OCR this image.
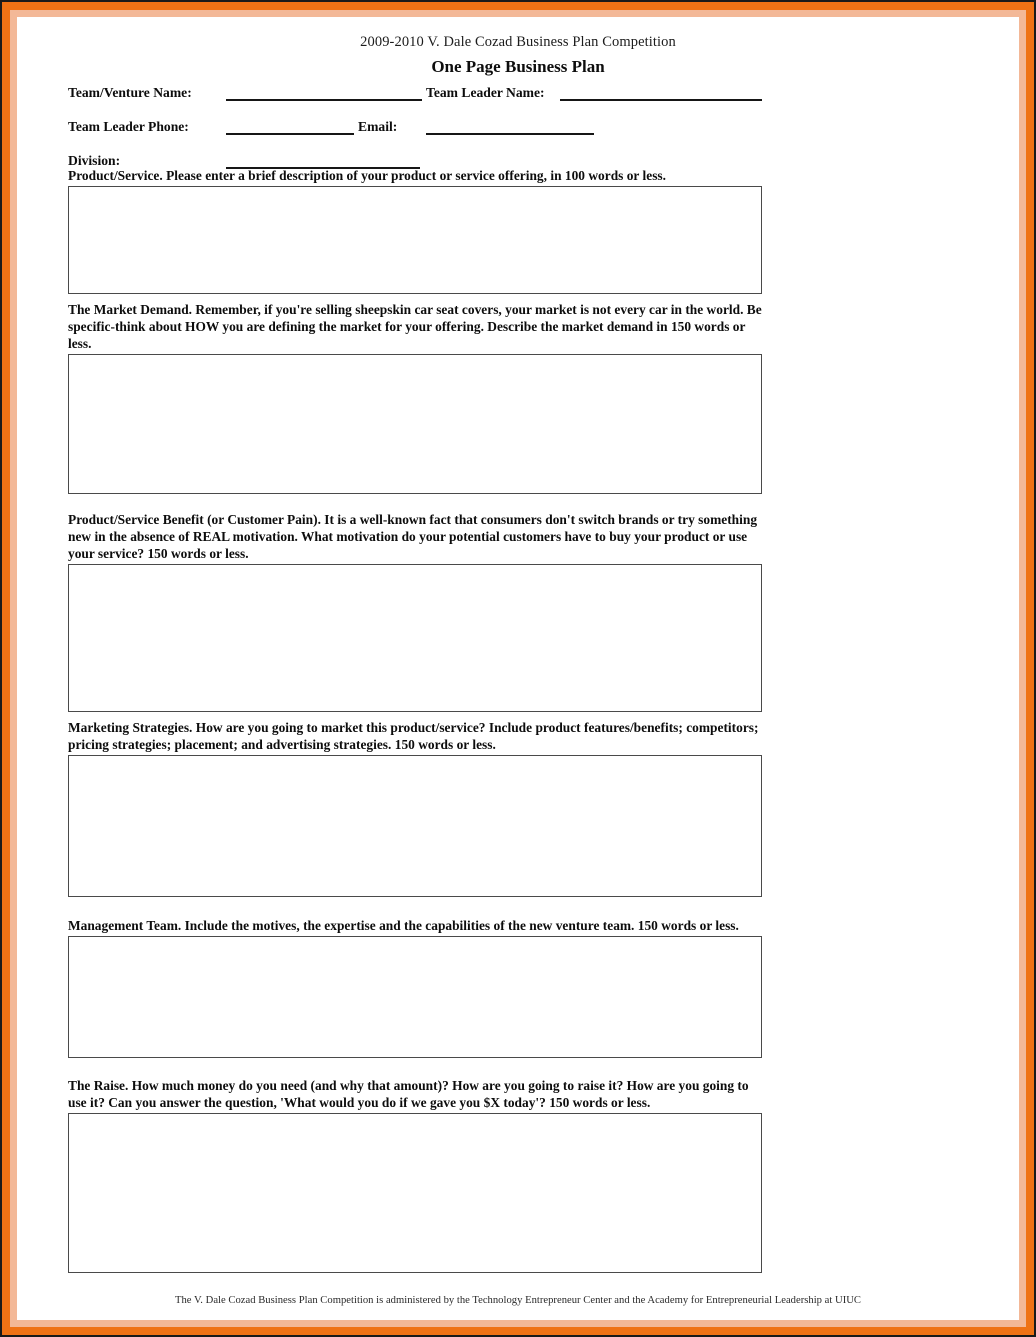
2009-2010 V. Dale Cozad Business Plan Competition
One Page Business Plan
Team/Venture Name:	Team Leader Name:
Team Leader Phone:	Email:
Division:

Product/Service. Please enter a brief description of your product or service offering, in 100 words or less.

The Market Demand. Remember, if you're selling sheepskin car seat covers, your market is not every car in the world. Be specific-think about HOW you are defining the market for your offering. Describe the market demand in 150 words or less.

Product/Service Benefit (or Customer Pain). It is a well-known fact that consumers don't switch brands or try something new in the absence of REAL motivation. What motivation do your potential customers have to buy your product or use your service? 150 words or less.

Marketing Strategies. How are you going to market this product/service? Include product features/benefits; competitors; pricing strategies; placement; and advertising strategies. 150 words or less.

Management Team. Include the motives, the expertise and the capabilities of the new venture team. 150 words or less.

The Raise. How much money do you need (and why that amount)? How are you going to raise it? How are you going to use it? Can you answer the question, 'What would you do if we gave you $X today'? 150 words or less.

The V. Dale Cozad Business Plan Competition is administered by the Technology Entrepreneur Center and the Academy for Entrepreneurial Leadership at UIUC
